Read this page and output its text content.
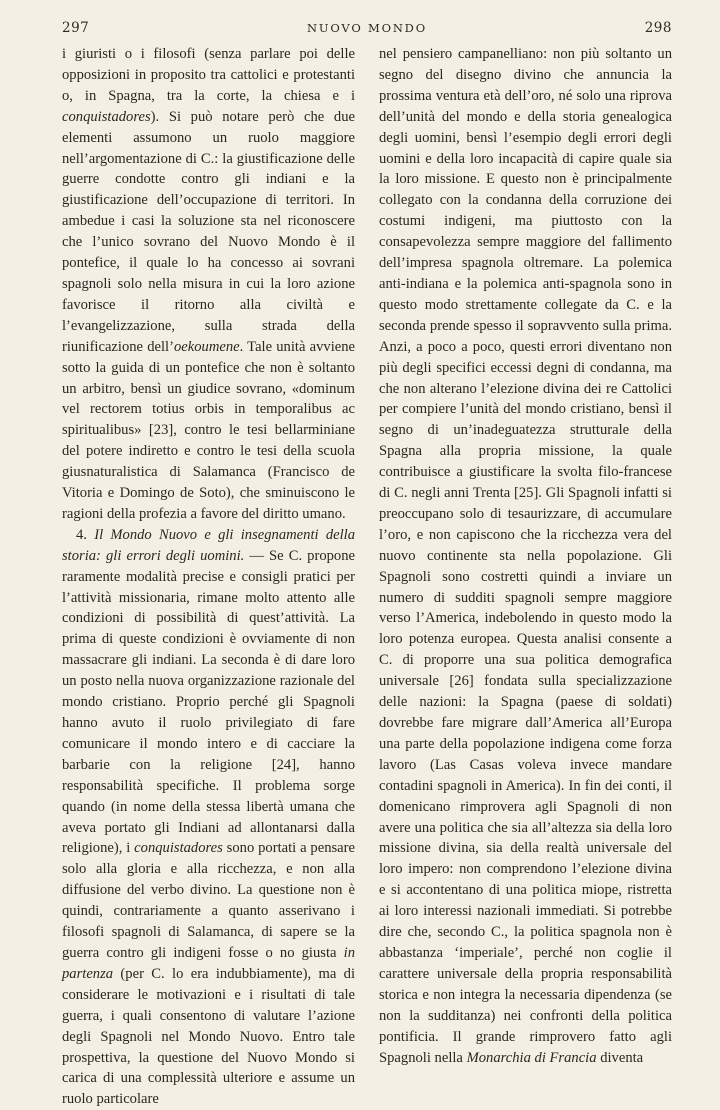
297	NUOVO MONDO	298

i giuristi o i filosofi (senza parlare poi delle opposizioni in proposito tra cattolici e protestanti o, in Spagna, tra la corte, la chiesa e i conquistadores). Si può notare però che due elementi assumono un ruolo maggiore nell’argomentazione di C.: la giustificazione delle guerre condotte contro gli indiani e la giustificazione dell’occupazione di territori. In ambedue i casi la soluzione sta nel riconoscere che l’unico sovrano del Nuovo Mondo è il pontefice, il quale lo ha concesso ai sovrani spagnoli solo nella misura in cui la loro azione favorisce il ritorno alla civiltà e l’evangelizzazione, sulla strada della riunificazione dell’oekoumene. Tale unità avviene sotto la guida di un pontefice che non è soltanto un arbitro, bensì un giudice sovrano, «dominum vel rectorem totius orbis in temporalibus ac spiritualibus» [23], contro le tesi bellarminiane del potere indiretto e contro le tesi della scuola giusnaturalistica di Salamanca (Francisco de Vitoria e Domingo de Soto), che sminuiscono le ragioni della profezia a favore del diritto umano.

4. Il Mondo Nuovo e gli insegnamenti della storia: gli errori degli uomini. — Se C. propone raramente modalità precise e consigli pratici per l’attività missionaria, rimane molto attento alle condizioni di possibilità di quest’attività. La prima di queste condizioni è ovviamente di non massacrare gli indiani. La seconda è di dare loro un posto nella nuova organizzazione razionale del mondo cristiano. Proprio perché gli Spagnoli hanno avuto il ruolo privilegiato di fare comunicare il mondo intero e di cacciare la barbarie con la religione [24], hanno responsabilità specifiche. Il problema sorge quando (in nome della stessa libertà umana che aveva portato gli Indiani ad allontanarsi dalla religione), i conquistadores sono portati a pensare solo alla gloria e alla ricchezza, e non alla diffusione del verbo divino. La questione non è quindi, contrariamente a quanto asserivano i filosofi spagnoli di Salamanca, di sapere se la guerra contro gli indigeni fosse o no giusta in partenza (per C. lo era indubbiamente), ma di considerare le motivazioni e i risultati di tale guerra, i quali consentono di valutare l’azione degli Spagnoli nel Mondo Nuovo. Entro tale prospettiva, la questione del Nuovo Mondo si carica di una complessità ulteriore e assume un ruolo particolare

nel pensiero campanelliano: non più soltanto un segno del disegno divino che annuncia la prossima ventura età dell’oro, né solo una riprova dell’unità del mondo e della storia genealogica degli uomini, bensì l’esempio degli errori degli uomini e della loro incapacità di capire quale sia la loro missione. E questo non è principalmente collegato con la condanna della corruzione dei costumi indigeni, ma piuttosto con la consapevolezza sempre maggiore del fallimento dell’impresa spagnola oltremare. La polemica anti-indiana e la polemica anti-spagnola sono in questo modo strettamente collegate da C. e la seconda prende spesso il sopravvento sulla prima. Anzi, a poco a poco, questi errori diventano non più degli specifici eccessi degni di condanna, ma che non alterano l’elezione divina dei re Cattolici per compiere l’unità del mondo cristiano, bensì il segno di un’inadeguatezza strutturale della Spagna alla propria missione, la quale contribuisce a giustificare la svolta filo-francese di C. negli anni Trenta [25]. Gli Spagnoli infatti si preoccupano solo di tesaurizzare, di accumulare l’oro, e non capiscono che la ricchezza vera del nuovo continente sta nella popolazione. Gli Spagnoli sono costretti quindi a inviare un numero di sudditi spagnoli sempre maggiore verso l’America, indebolendo in questo modo la loro potenza europea. Questa analisi consente a C. di proporre una sua politica demografica universale [26] fondata sulla specializzazione delle nazioni: la Spagna (paese di soldati) dovrebbe fare migrare dall’America all’Europa una parte della popolazione indigena come forza lavoro (Las Casas voleva invece mandare contadini spagnoli in America). In fin dei conti, il domenicano rimprovera agli Spagnoli di non avere una politica che sia all’altezza sia della loro missione divina, sia della realtà universale del loro impero: non comprendono l’elezione divina e si accontentano di una politica miope, ristretta ai loro interessi nazionali immediati. Si potrebbe dire che, secondo C., la politica spagnola non è abbastanza ‘imperiale’, perché non coglie il carattere universale della propria responsabilità storica e non integra la necessaria dipendenza (se non la sudditanza) nei confronti della politica pontificia. Il grande rimprovero fatto agli Spagnoli nella Monarchia di Francia diventa
